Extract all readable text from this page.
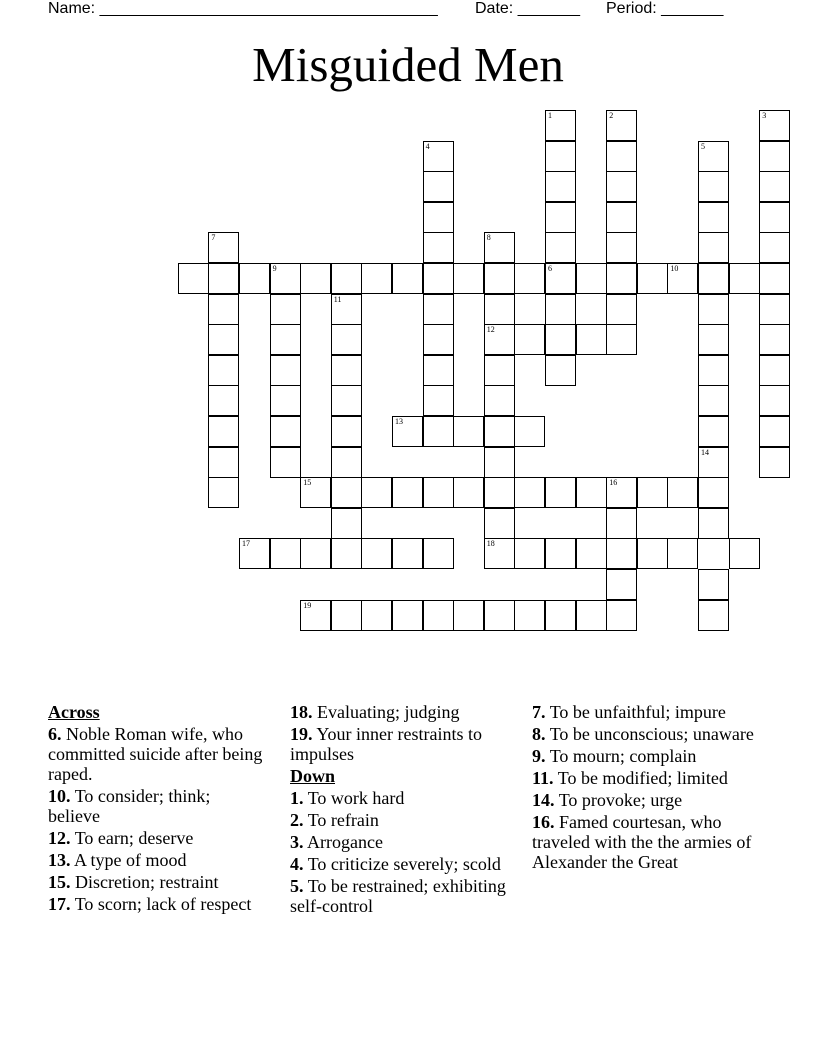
Name: ______________________________________ Date: _______ Period: _______
Misguided Men
9	6	10
1	2	3
4	5
7	8
12
18
11
13
14
15	16
17
19
Across
6. Noble Roman wife, who committed suicide after being raped.
10. To consider; think; believe
12. To earn; deserve
13. A type of mood
15. Discretion; restraint
17. To scorn; lack of respect
18. Evaluating; judging
19. Your inner restraints to impulses
Down
1. To work hard
2. To refrain
3. Arrogance
4. To criticize severely; scold
5. To be restrained; exhibiting self-control
7. To be unfaithful; impure
8. To be unconscious; unaware
9. To mourn; complain
11. To be modified; limited
14. To provoke; urge
16. Famed courtesan, who traveled with the the armies of Alexander the Great
